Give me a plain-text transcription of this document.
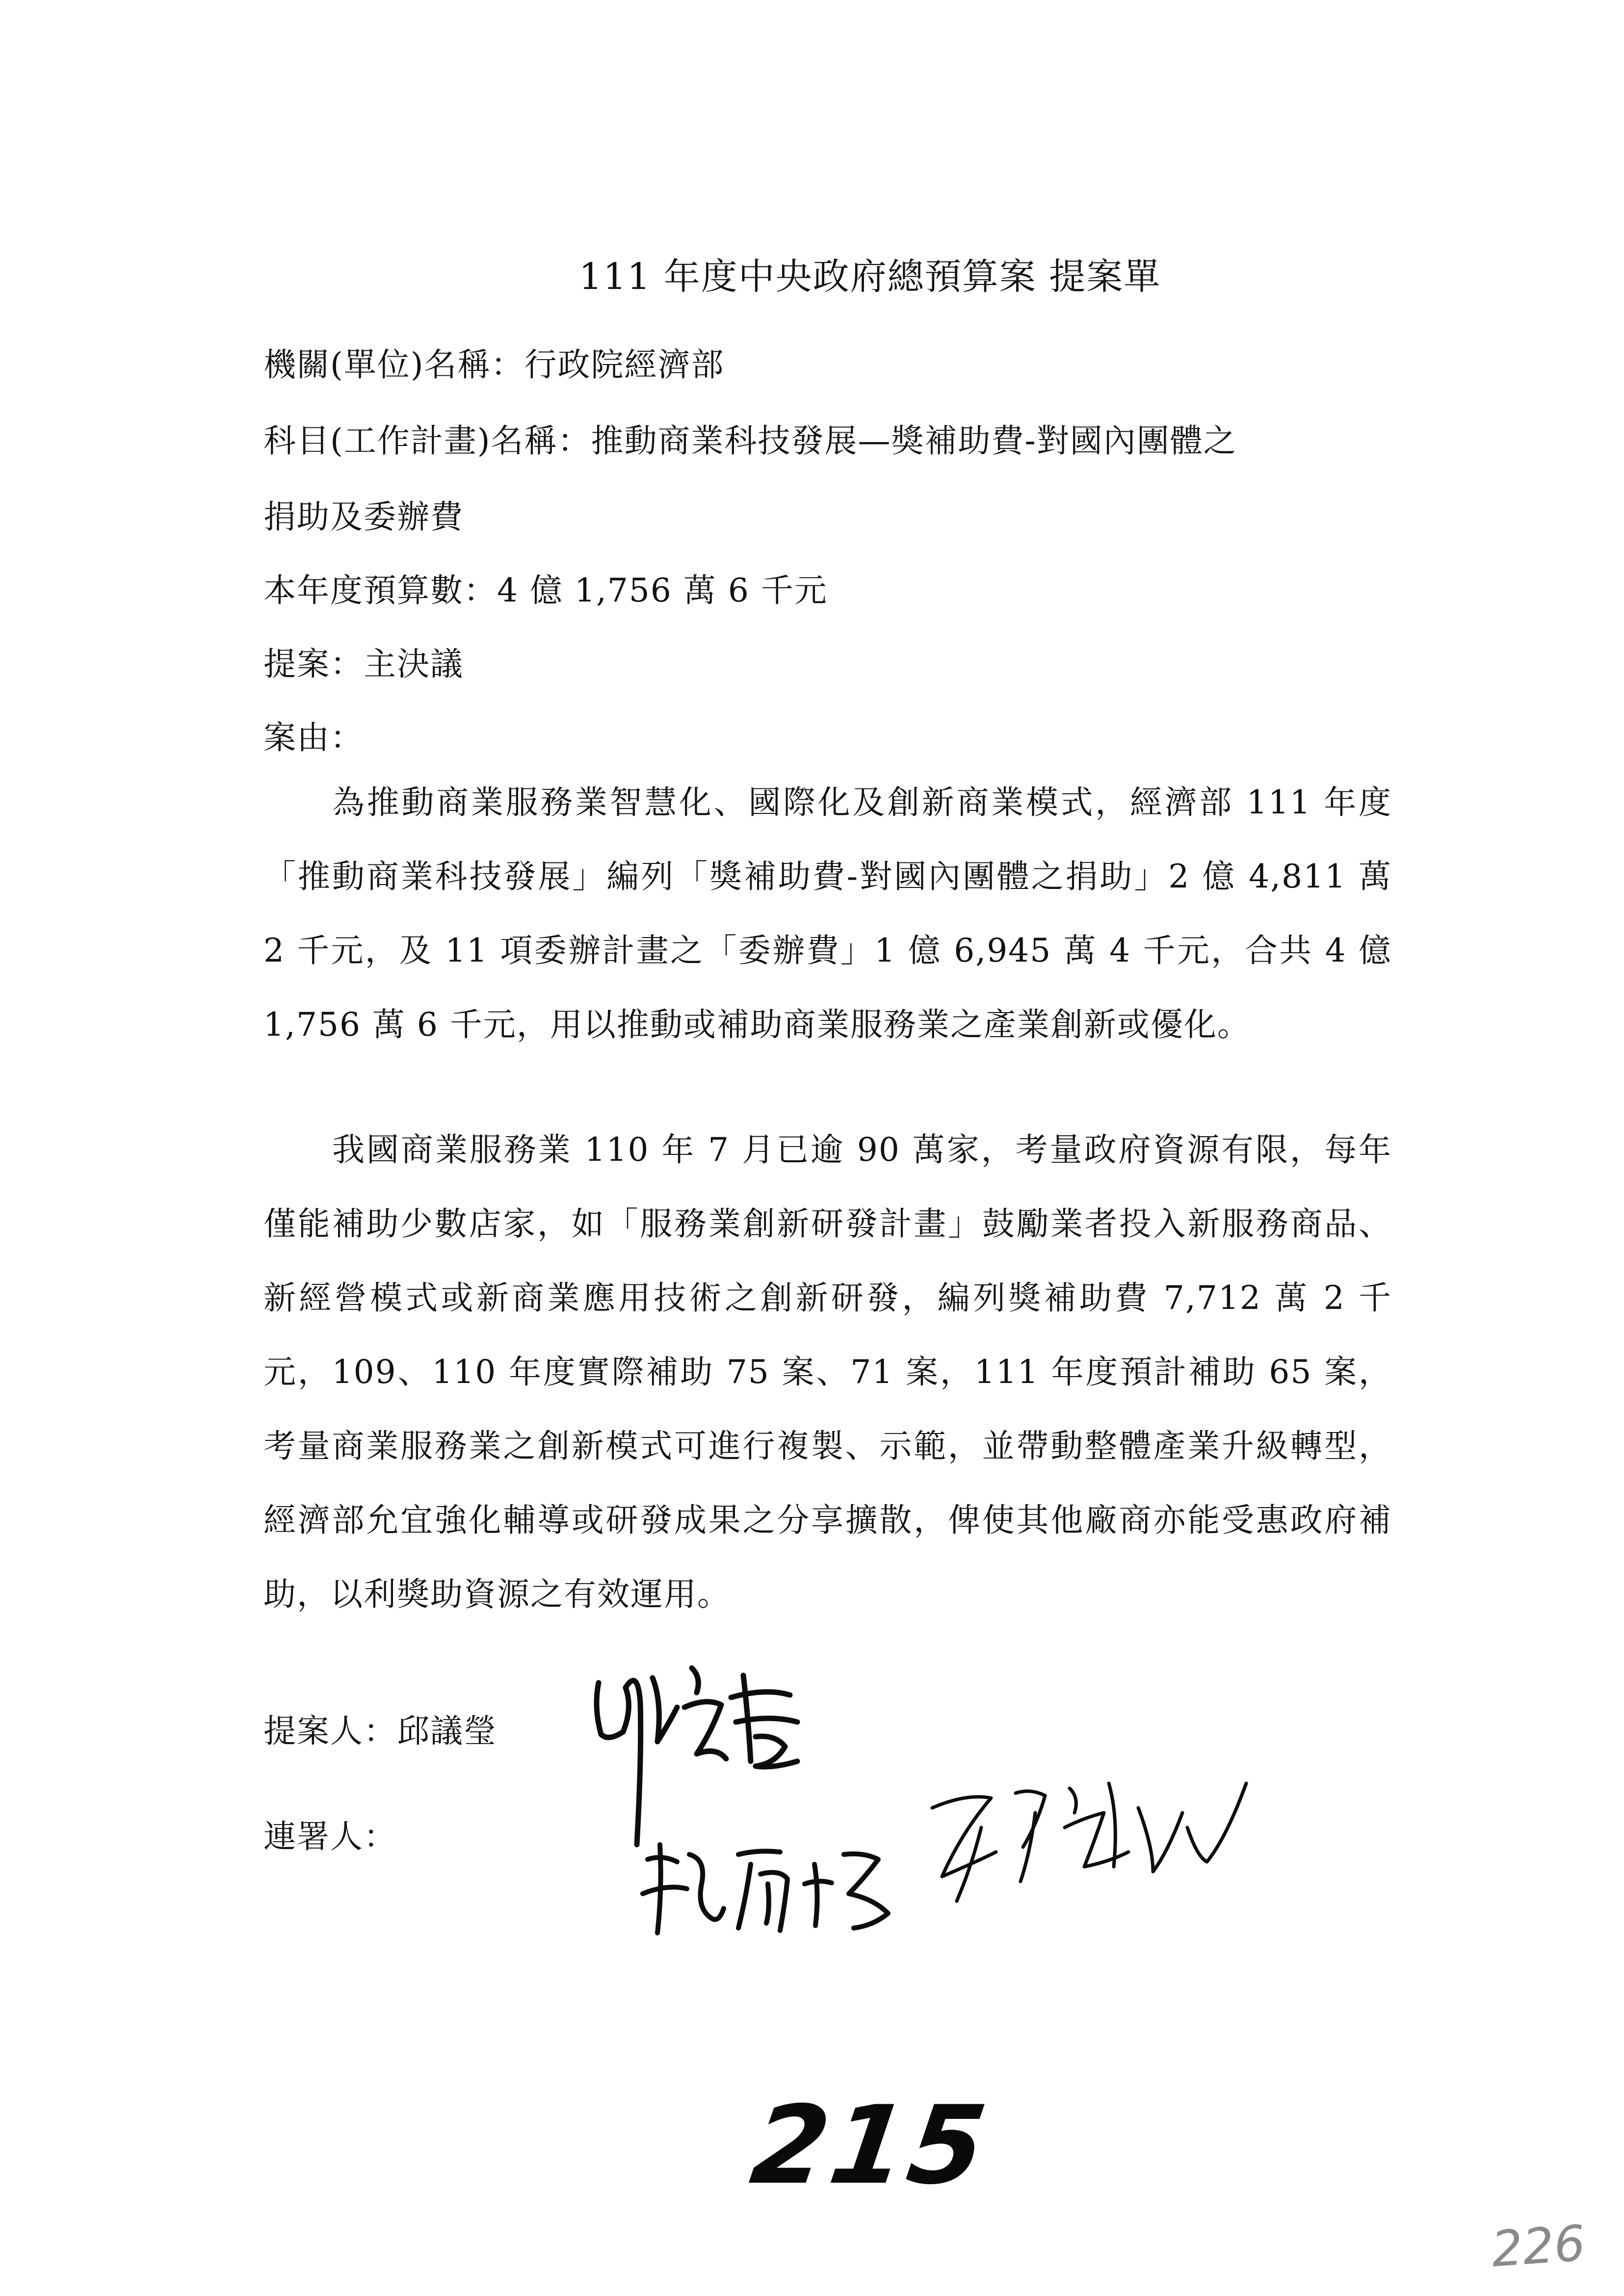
111 年度中央政府總預算案 提案單
機關(單位)名稱：行政院經濟部
科目(工作計畫)名稱：推動商業科技發展—獎補助費-對國內團體之
捐助及委辦費
本年度預算數：4 億 1,756 萬 6 千元
提案：主決議
案由：

為推動商業服務業智慧化、國際化及創新商業模式，經濟部 111 年度「推動商業科技發展」編列「獎補助費-對國內團體之捐助」2 億 4,811 萬 2 千元，及 11 項委辦計畫之「委辦費」1 億 6,945 萬 4 千元，合共 4 億 1,756 萬 6 千元，用以推動或補助商業服務業之產業創新或優化。

我國商業服務業 110 年 7 月已逾 90 萬家，考量政府資源有限，每年僅能補助少數店家，如「服務業創新研發計畫」鼓勵業者投入新服務商品、新經營模式或新商業應用技術之創新研發，編列獎補助費 7,712 萬 2 千元，109、110 年度實際補助 75 案、71 案，111 年度預計補助 65 案，考量商業服務業之創新模式可進行複製、示範，並帶動整體產業升級轉型，經濟部允宜強化輔導或研發成果之分享擴散，俾使其他廠商亦能受惠政府補助，以利獎助資源之有效運用。

提案人：邱議瑩
連署人：
215
226
